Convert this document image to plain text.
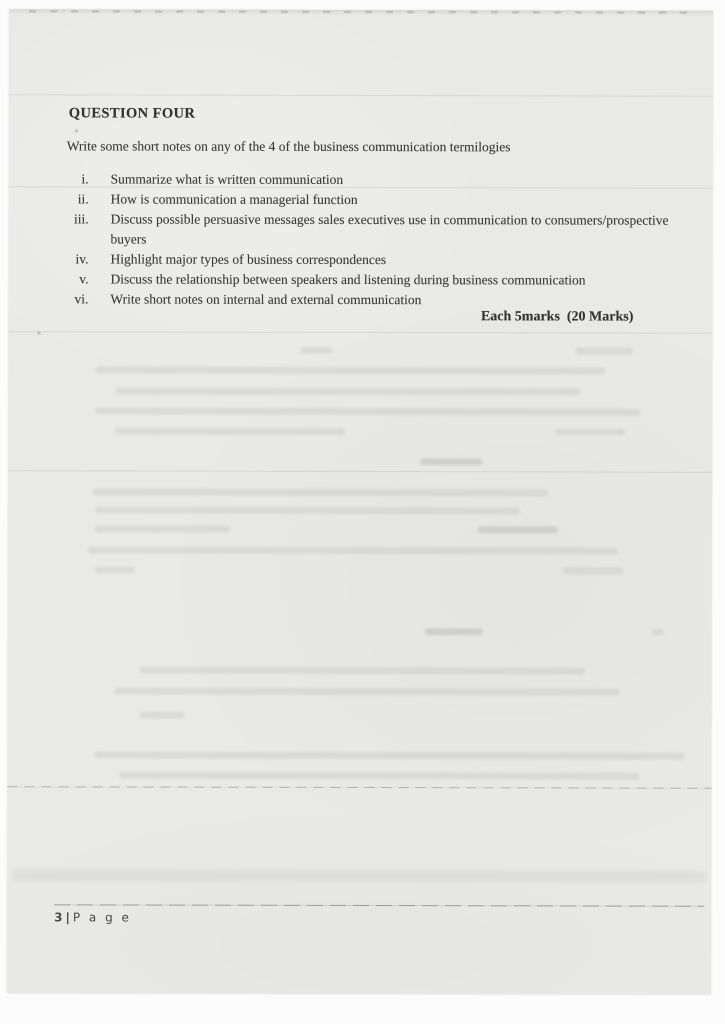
QUESTION FOUR
Write some short notes on any of the 4 of the business communication termilogies
i. Summarize what is written communication
ii. How is communication a managerial function
iii. Discuss possible persuasive messages sales executives use in communication to consumers/prospective buyers
iv. Highlight major types of business correspondences
v. Discuss the relationship between speakers and listening during business communication
vi. Write short notes on internal and external communication
Each 5marks  (20 Marks)
3 | P a g e
